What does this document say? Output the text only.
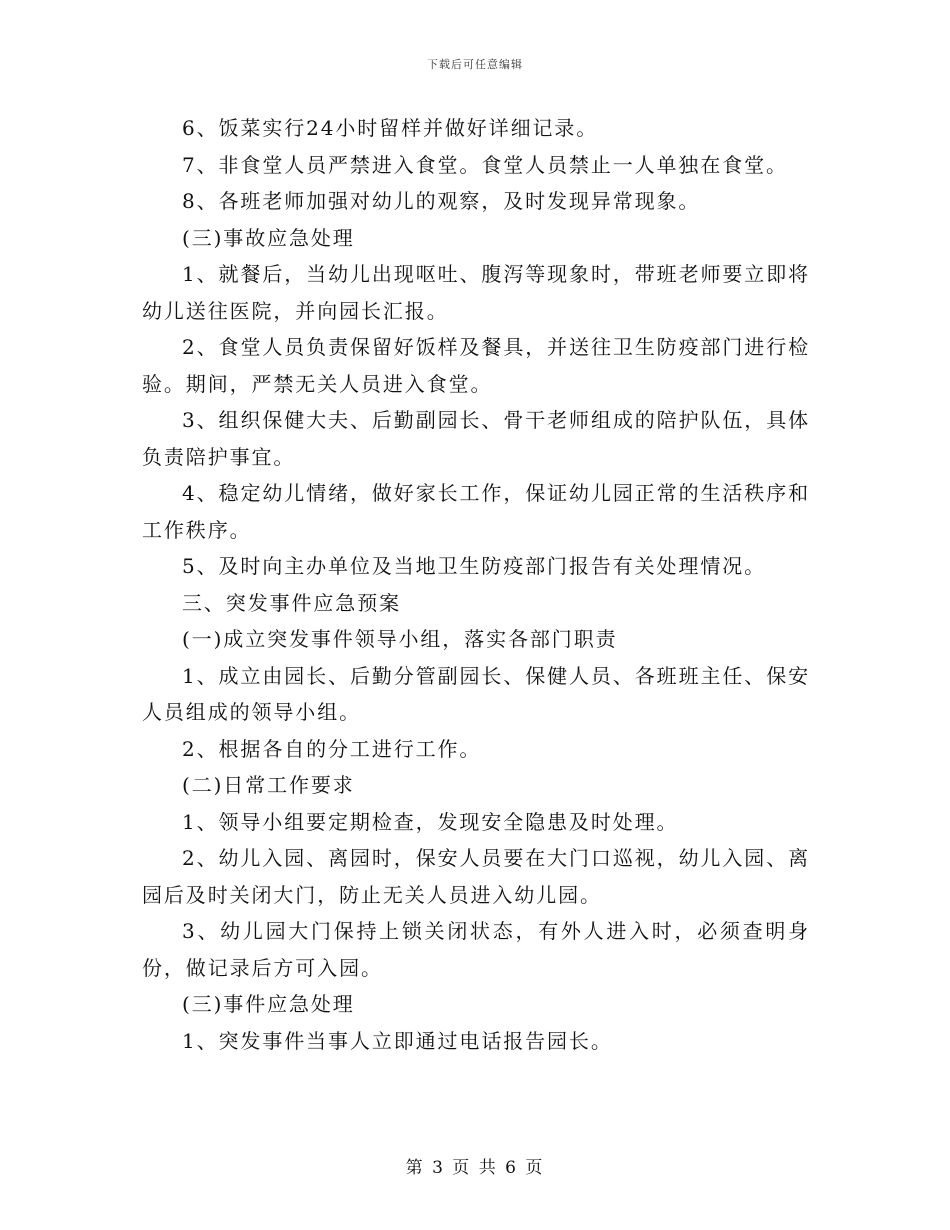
下载后可任意编辑

6、饭菜实行24小时留样并做好详细记录。

7、非食堂人员严禁进入食堂。食堂人员禁止一人单独在食堂。

8、各班老师加强对幼儿的观察，及时发现异常现象。

(三)事故应急处理

1、就餐后，当幼儿出现呕吐、腹泻等现象时，带班老师要立即将幼儿送往医院，并向园长汇报。

2、食堂人员负责保留好饭样及餐具，并送往卫生防疫部门进行检验。期间，严禁无关人员进入食堂。

3、组织保健大夫、后勤副园长、骨干老师组成的陪护队伍，具体负责陪护事宜。

4、稳定幼儿情绪，做好家长工作，保证幼儿园正常的生活秩序和工作秩序。

5、及时向主办单位及当地卫生防疫部门报告有关处理情况。

三、突发事件应急预案

(一)成立突发事件领导小组，落实各部门职责

1、成立由园长、后勤分管副园长、保健人员、各班班主任、保安人员组成的领导小组。

2、根据各自的分工进行工作。

(二)日常工作要求

1、领导小组要定期检查，发现安全隐患及时处理。

2、幼儿入园、离园时，保安人员要在大门口巡视，幼儿入园、离园后及时关闭大门，防止无关人员进入幼儿园。

3、幼儿园大门保持上锁关闭状态，有外人进入时，必须查明身份，做记录后方可入园。

(三)事件应急处理

1、突发事件当事人立即通过电话报告园长。

第 3 页 共 6 页
